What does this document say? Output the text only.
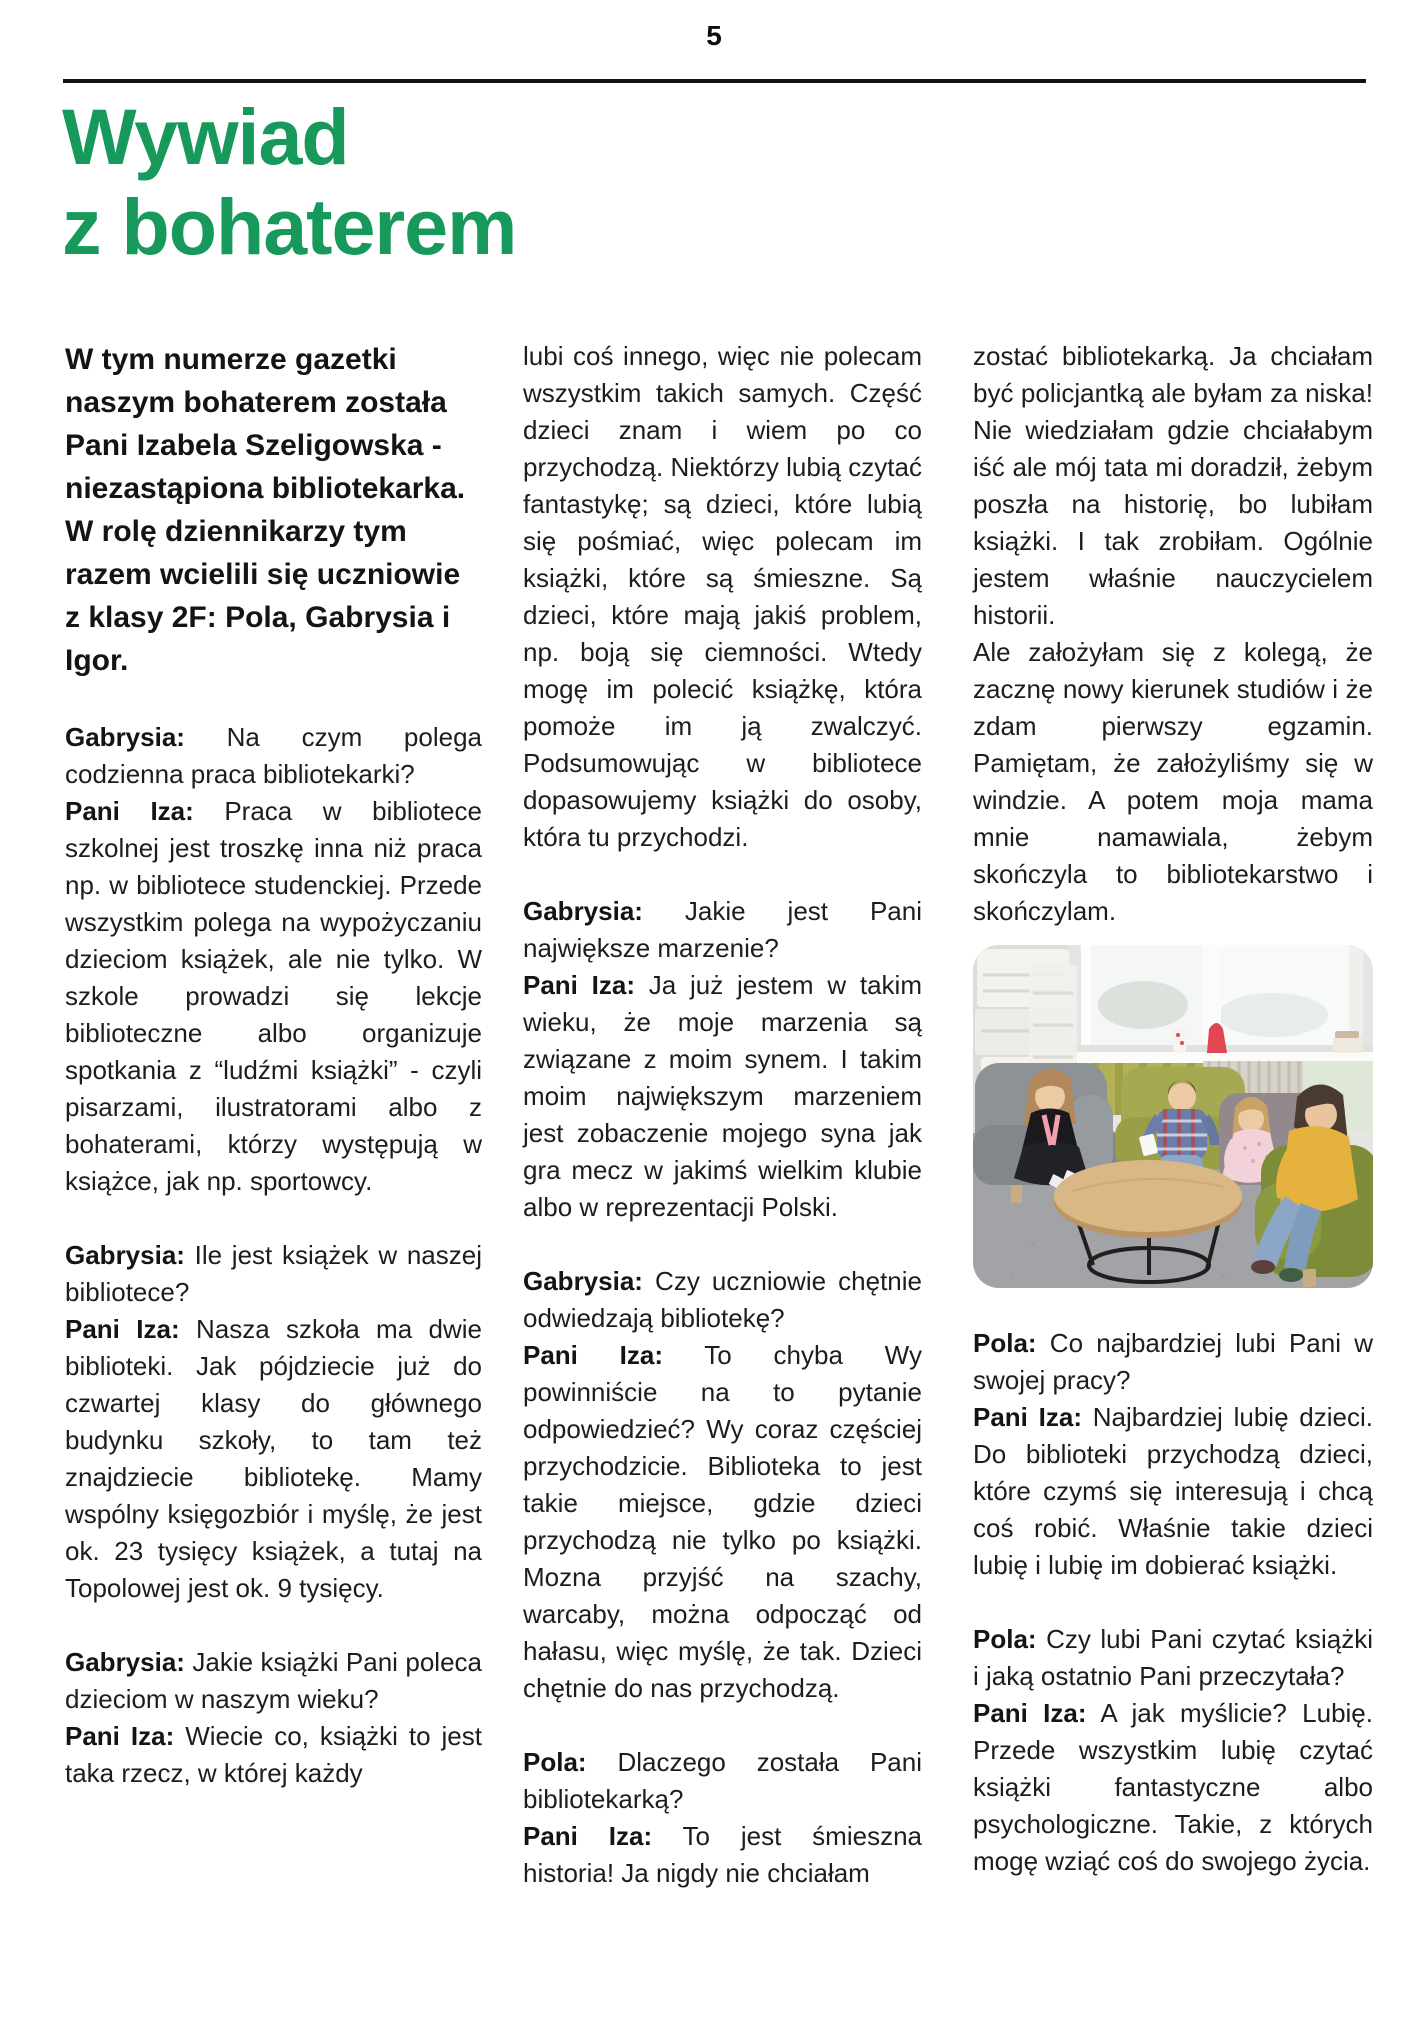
5
Wywiad
z bohaterem

W tym numerze gazetki naszym bohaterem została Pani Izabela Szeligowska - niezastąpiona bibliotekarka. W rolę dziennikarzy tym razem wcielili się uczniowie z klasy 2F: Pola, Gabrysia i Igor.

Gabrysia: Na czym polega codzienna praca bibliotekarki?

Pani Iza: Praca w bibliotece szkolnej jest troszkę inna niż praca np. w bibliotece studenckiej. Przede wszystkim polega na wypożyczaniu dzieciom książek, ale nie tylko. W szkole prowadzi się lekcje biblioteczne albo organizuje spotkania z “ludźmi książki” - czyli pisarzami, ilustratorami albo z bohaterami, którzy występują w książce, jak np. sportowcy.

Gabrysia: Ile jest książek w naszej bibliotece?

Pani Iza: Nasza szkoła ma dwie biblioteki. Jak pójdziecie już do czwartej klasy do głównego budynku szkoły, to tam też znajdziecie bibliotekę. Mamy wspólny księgozbiór i myślę, że jest ok. 23 tysięcy książek, a tutaj na Topolowej jest ok. 9 tysięcy.

Gabrysia: Jakie książki Pani poleca dzieciom w naszym wieku?

Pani Iza: Wiecie co, książki to jest taka rzecz, w której każdy

lubi coś innego, więc nie polecam wszystkim takich samych. Część dzieci znam i wiem po co przychodzą. Niektórzy lubią czytać fantastykę; są dzieci, które lubią się pośmiać, więc polecam im książki, które są śmieszne. Są dzieci, które mają jakiś problem, np. boją się ciemności. Wtedy mogę im polecić książkę, która pomoże im ją zwalczyć. Podsumowując w bibliotece dopasowujemy książki do osoby, która tu przychodzi.

Gabrysia: Jakie jest Pani największe marzenie?

Pani Iza: Ja już jestem w takim wieku, że moje marzenia są związane z moim synem. I takim moim największym marzeniem jest zobaczenie mojego syna jak gra mecz w jakimś wielkim klubie albo w reprezentacji Polski.

Gabrysia: Czy uczniowie chętnie odwiedzają bibliotekę?

Pani Iza: To chyba Wy powinniście na to pytanie odpowiedzieć? Wy coraz częściej przychodzicie. Biblioteka to jest takie miejsce, gdzie dzieci przychodzą nie tylko po książki. Mozna przyjść na szachy, warcaby, można odpocząć od hałasu, więc myślę, że tak. Dzieci chętnie do nas przychodzą.

Pola: Dlaczego została Pani bibliotekarką?

Pani Iza: To jest śmieszna historia! Ja nigdy nie chciałam

zostać bibliotekarką. Ja chciałam być policjantką ale byłam za niska! Nie wiedziałam gdzie chciałabym iść ale mój tata mi doradził, żebym poszła na historię, bo lubiłam książki. I tak zrobiłam. Ogólnie jestem właśnie nauczycielem historii.

Ale założyłam się z kolegą, że zacznę nowy kierunek studiów i że zdam pierwszy egzamin. Pamiętam, że założyliśmy się w windzie. A potem moja mama mnie namawiala, żebym skończyla to bibliotekarstwo i skończylam.

Pola: Co najbardziej lubi Pani w swojej pracy?

Pani Iza: Najbardziej lubię dzieci. Do biblioteki przychodzą dzieci, które czymś się interesują i chcą coś robić. Właśnie takie dzieci lubię i lubię im dobierać książki.

Pola: Czy lubi Pani czytać książki i jaką ostatnio Pani przeczytała?

Pani Iza: A jak myślicie? Lubię. Przede wszystkim lubię czytać książki fantastyczne albo psychologiczne. Takie, z których mogę wziąć coś do swojego życia.
